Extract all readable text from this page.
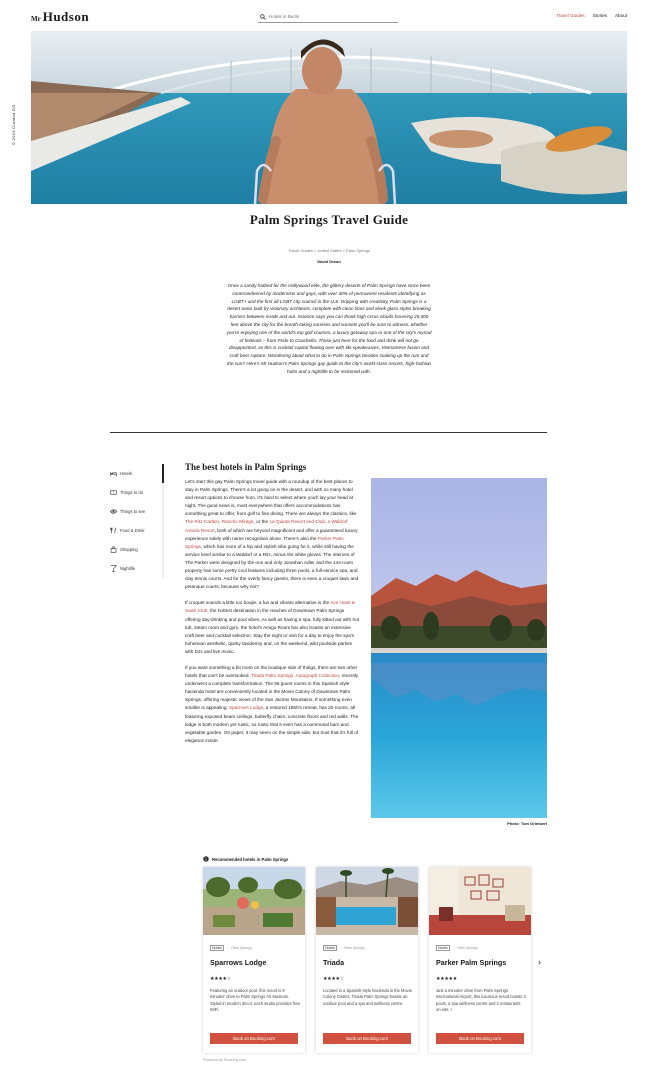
Mr Hudson
Hotels in Berlin	Travel Guides Stories About
© 2019 Curated GG
Palm Springs Travel Guide
Travel Guides > United States > Palm Springs
David Duran

Once a sandy hotbed for the Hollywood elite, the glittery deserts of Palm Springs have since been commandeered by modernists and gays, with over 40% of permanent residents identifying as LGBT+ and the first all-LGBT city council in the U.S. Dripping with creativity, Palm Springs is a desert oasis built by visionary architects, complete with clean lines and sleek glass styles breaking barriers between inside and out. Science says you can thank high cirrus clouds hovering 25,000 feet above the city for the breath-taking sunrises and sunsets you'll be sure to witness, whether you're enjoying one of the world's top golf courses, a luxury getaway spa or one of the city's myriad of festivals – from Pride to Coachella. Those just here for the food and drink will not go disappointed, as this is cocktail capital flowing over with tiki-speakeasies, Vietnamese fusion and craft beer rapture. Wondering about what to do in Palm Springs besides soaking up the rum and the sun? Here's Mr Hudson's Palm Springs gay guide to the city's world-class resorts, high-fashion hubs and a nightlife to be reckoned with.

Hotels
Things to do
Things to see
Food & Drink
Shopping
Nightlife
The best hotels in Palm Springs

Let's start this gay Palm Springs travel guide with a roundup of the best places to stay in Palm Springs. There's a lot going on in the desert, and with so many hotel and resort options to choose from, it's hard to select where you'll lay your head at night. The good news is, most everywhere that offers accommodations has something great to offer, from golf to fine dining. There are always the classics, like The Ritz-Carlton, Rancho Mirage, or the La Quinta Resort and Club, a Waldorf Astoria Resort, both of which are beyond magnificent and offer a guaranteed luxury experience solely with name recognition alone. There's also the Parker Palm Springs, which has more of a hip and stylish vibe going for it, while still having the service level similar to a Waldorf or a Ritz, minus the white gloves. The interiors of The Parker were designed by the one and only Jonathan Adler and the 144-room property has some pretty cool features including three pools, a full-service spa, and clay tennis courts. And for the overly fancy guests, there is even a croquet lawn and petanque courts, because why not?

If croquet sounds a little too boujie, a fun and vibrant alternative is the Ace Hotel & Swim Club, the hottest destination in the reaches of Downtown Palm Springs offering day-drinking and pool vibes. As well as having a spa, fully kitted out with hot tub, steam room and gym, the hotel's Amigo Room bar also boasts an extensive craft beer and cocktail selection. Stay the night or visit for a day to enjoy the spa's bohemian aesthetic, quirky taxidermy and, on the weekend, wild poolside parties with DJs and live music.

If you want something a bit more on the boutique side of things, there are two other hotels that can't be overlooked. Triada Palm Springs, Autograph Collection, recently underwent a complete transformation. The 56 guest rooms in this Spanish style hacienda hotel are conveniently located in the Movie Colony of Downtown Palm Springs, offering majestic views of the San Jacinto Mountains. If something even smaller is appealing, Sparrows Lodge, a restored 1950's retreat, has 20 rooms, all featuring exposed beam ceilings, butterfly chairs, concrete floors and red walls. The lodge is both modern yet rustic, so rustic that it even has a communal barn and vegetable garden. On paper, it may seem on the simple side, but trust that it's full of elegance inside.

Photo: Tom Grimbert
Recommended hotels in Palm Springs
Hotels	· Palm Springs
Sparrows Lodge
★★★★☆
Featuring an outdoor pool, this resort is 9 minutes' drive to Palm Springs Art Museum. Styled in modern decor, each studio provides free WiFi.
Book on Booking.com
Hotels	· Palm Springs
Triada
★★★★☆
Located in a Spanish-style hacienda in the Movie Colony District, Triada Palm Springs boasts an outdoor pool and a spa and wellness centre.
Book on Booking.com
Hotels	· Palm Springs
Parker Palm Springs
★★★★★
Just a minutes' drive from Palm Springs International Airport, this luxurious resort boasts 2 pools, a spa wellness centre and 2 restaurants on-site. I
Book on Booking.com
›
Powered by Booking.com
